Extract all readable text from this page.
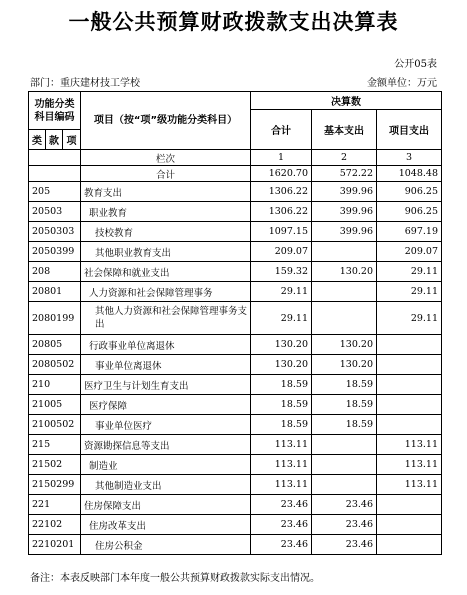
一般公共预算财政拨款支出决算表
公开05表
部门：重庆建材技工学校	金额单位：万元
功能分类科目编码			项目（按“项”级功能分类科目）	决算数		
				合计	基本支出	项目支出
类	款	项				
			栏次	1	2	3
			合计	1620.70	572.22	1048.48
205			教育支出	1306.22	399.96	906.25
20503			职业教育	1306.22	399.96	906.25
2050303			技校教育	1097.15	399.96	697.19
2050399			其他职业教育支出	209.07		209.07
208			社会保障和就业支出	159.32	130.20	29.11
20801			人力资源和社会保障管理事务	29.11		29.11
2080199			其他人力资源和社会保障管理事务支出	29.11		29.11
20805			行政事业单位离退休	130.20	130.20	
2080502			事业单位离退休	130.20	130.20	
210			医疗卫生与计划生育支出	18.59	18.59	
21005			医疗保障	18.59	18.59	
2100502			事业单位医疗	18.59	18.59	
215			资源勘探信息等支出	113.11		113.11
21502			制造业	113.11		113.11
2150299			其他制造业支出	113.11		113.11
221			住房保障支出	23.46	23.46	
22102			住房改革支出	23.46	23.46	
2210201			住房公积金	23.46	23.46	
备注：本表反映部门本年度一般公共预算财政拨款实际支出情况。
